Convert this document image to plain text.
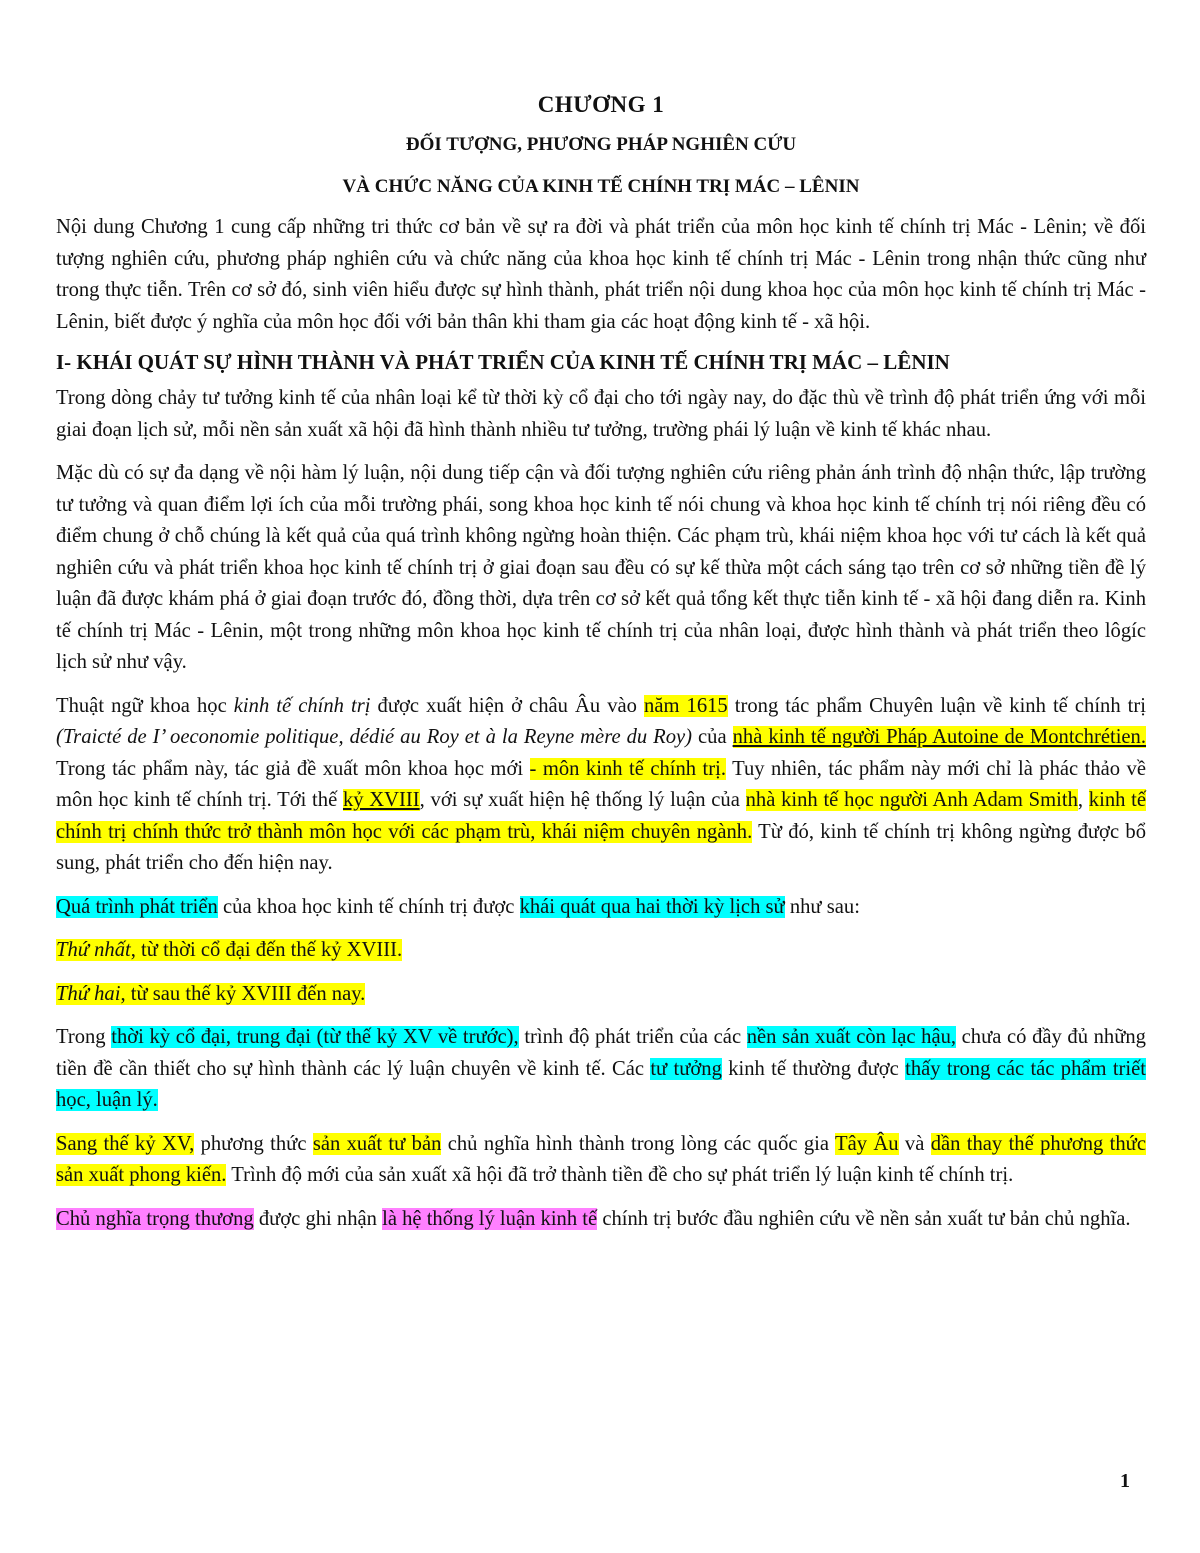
CHƯƠNG 1
ĐỐI TƯỢNG, PHƯƠNG PHÁP NGHIÊN CỨU
VÀ CHỨC NĂNG CỦA KINH TẾ CHÍNH TRỊ MÁC – LÊNIN

Nội dung Chương 1 cung cấp những tri thức cơ bản về sự ra đời và phát triển của môn học kinh tế chính trị Mác - Lênin; về đối tượng nghiên cứu, phương pháp nghiên cứu và chức năng của khoa học kinh tế chính trị Mác - Lênin trong nhận thức cũng như trong thực tiễn. Trên cơ sở đó, sinh viên hiểu được sự hình thành, phát triển nội dung khoa học của môn học kinh tế chính trị Mác - Lênin, biết được ý nghĩa của môn học đối với bản thân khi tham gia các hoạt động kinh tế - xã hội.

I- KHÁI QUÁT SỰ HÌNH THÀNH VÀ PHÁT TRIỂN CỦA KINH TẾ CHÍNH TRỊ MÁC – LÊNIN

Trong dòng chảy tư tưởng kinh tế của nhân loại kể từ thời kỳ cổ đại cho tới ngày nay, do đặc thù về trình độ phát triển ứng với mỗi giai đoạn lịch sử, mỗi nền sản xuất xã hội đã hình thành nhiều tư tưởng, trường phái lý luận về kinh tế khác nhau.

Mặc dù có sự đa dạng về nội hàm lý luận, nội dung tiếp cận và đối tượng nghiên cứu riêng phản ánh trình độ nhận thức, lập trường tư tưởng và quan điểm lợi ích của mỗi trường phái, song khoa học kinh tế nói chung và khoa học kinh tế chính trị nói riêng đều có điểm chung ở chỗ chúng là kết quả của quá trình không ngừng hoàn thiện. Các phạm trù, khái niệm khoa học với tư cách là kết quả nghiên cứu và phát triển khoa học kinh tế chính trị ở giai đoạn sau đều có sự kế thừa một cách sáng tạo trên cơ sở những tiền đề lý luận đã được khám phá ở giai đoạn trước đó, đồng thời, dựa trên cơ sở kết quả tổng kết thực tiễn kinh tế - xã hội đang diễn ra. Kinh tế chính trị Mác - Lênin, một trong những môn khoa học kinh tế chính trị của nhân loại, được hình thành và phát triển theo lôgíc lịch sử như vậy.

Thuật ngữ khoa học kinh tế chính trị được xuất hiện ở châu Âu vào năm 1615 trong tác phẩm Chuyên luận về kinh tế chính trị (Traicté de I’ oeconomie politique, dédié au Roy et à la Reyne mère du Roy) của nhà kinh tế người Pháp Autoine de Montchrétien. Trong tác phẩm này, tác giả đề xuất môn khoa học mới - môn kinh tế chính trị. Tuy nhiên, tác phẩm này mới chỉ là phác thảo về môn học kinh tế chính trị. Tới thế kỷ XVIII, với sự xuất hiện hệ thống lý luận của nhà kinh tế học người Anh Adam Smith, kinh tế chính trị chính thức trở thành môn học với các phạm trù, khái niệm chuyên ngành. Từ đó, kinh tế chính trị không ngừng được bổ sung, phát triển cho đến hiện nay.

Quá trình phát triển của khoa học kinh tế chính trị được khái quát qua hai thời kỳ lịch sử như sau:

Thứ nhất, từ thời cổ đại đến thế kỷ XVIII.

Thứ hai, từ sau thế kỷ XVIII đến nay.

Trong thời kỳ cổ đại, trung đại (từ thế kỷ XV về trước), trình độ phát triển của các nền sản xuất còn lạc hậu, chưa có đầy đủ những tiền đề cần thiết cho sự hình thành các lý luận chuyên về kinh tế. Các tư tưởng kinh tế thường được thấy trong các tác phẩm triết học, luận lý.

Sang thế kỷ XV, phương thức sản xuất tư bản chủ nghĩa hình thành trong lòng các quốc gia Tây Âu và dần thay thế phương thức sản xuất phong kiến. Trình độ mới của sản xuất xã hội đã trở thành tiền đề cho sự phát triển lý luận kinh tế chính trị.

Chủ nghĩa trọng thương được ghi nhận là hệ thống lý luận kinh tế chính trị bước đầu nghiên cứu về nền sản xuất tư bản chủ nghĩa.

1
